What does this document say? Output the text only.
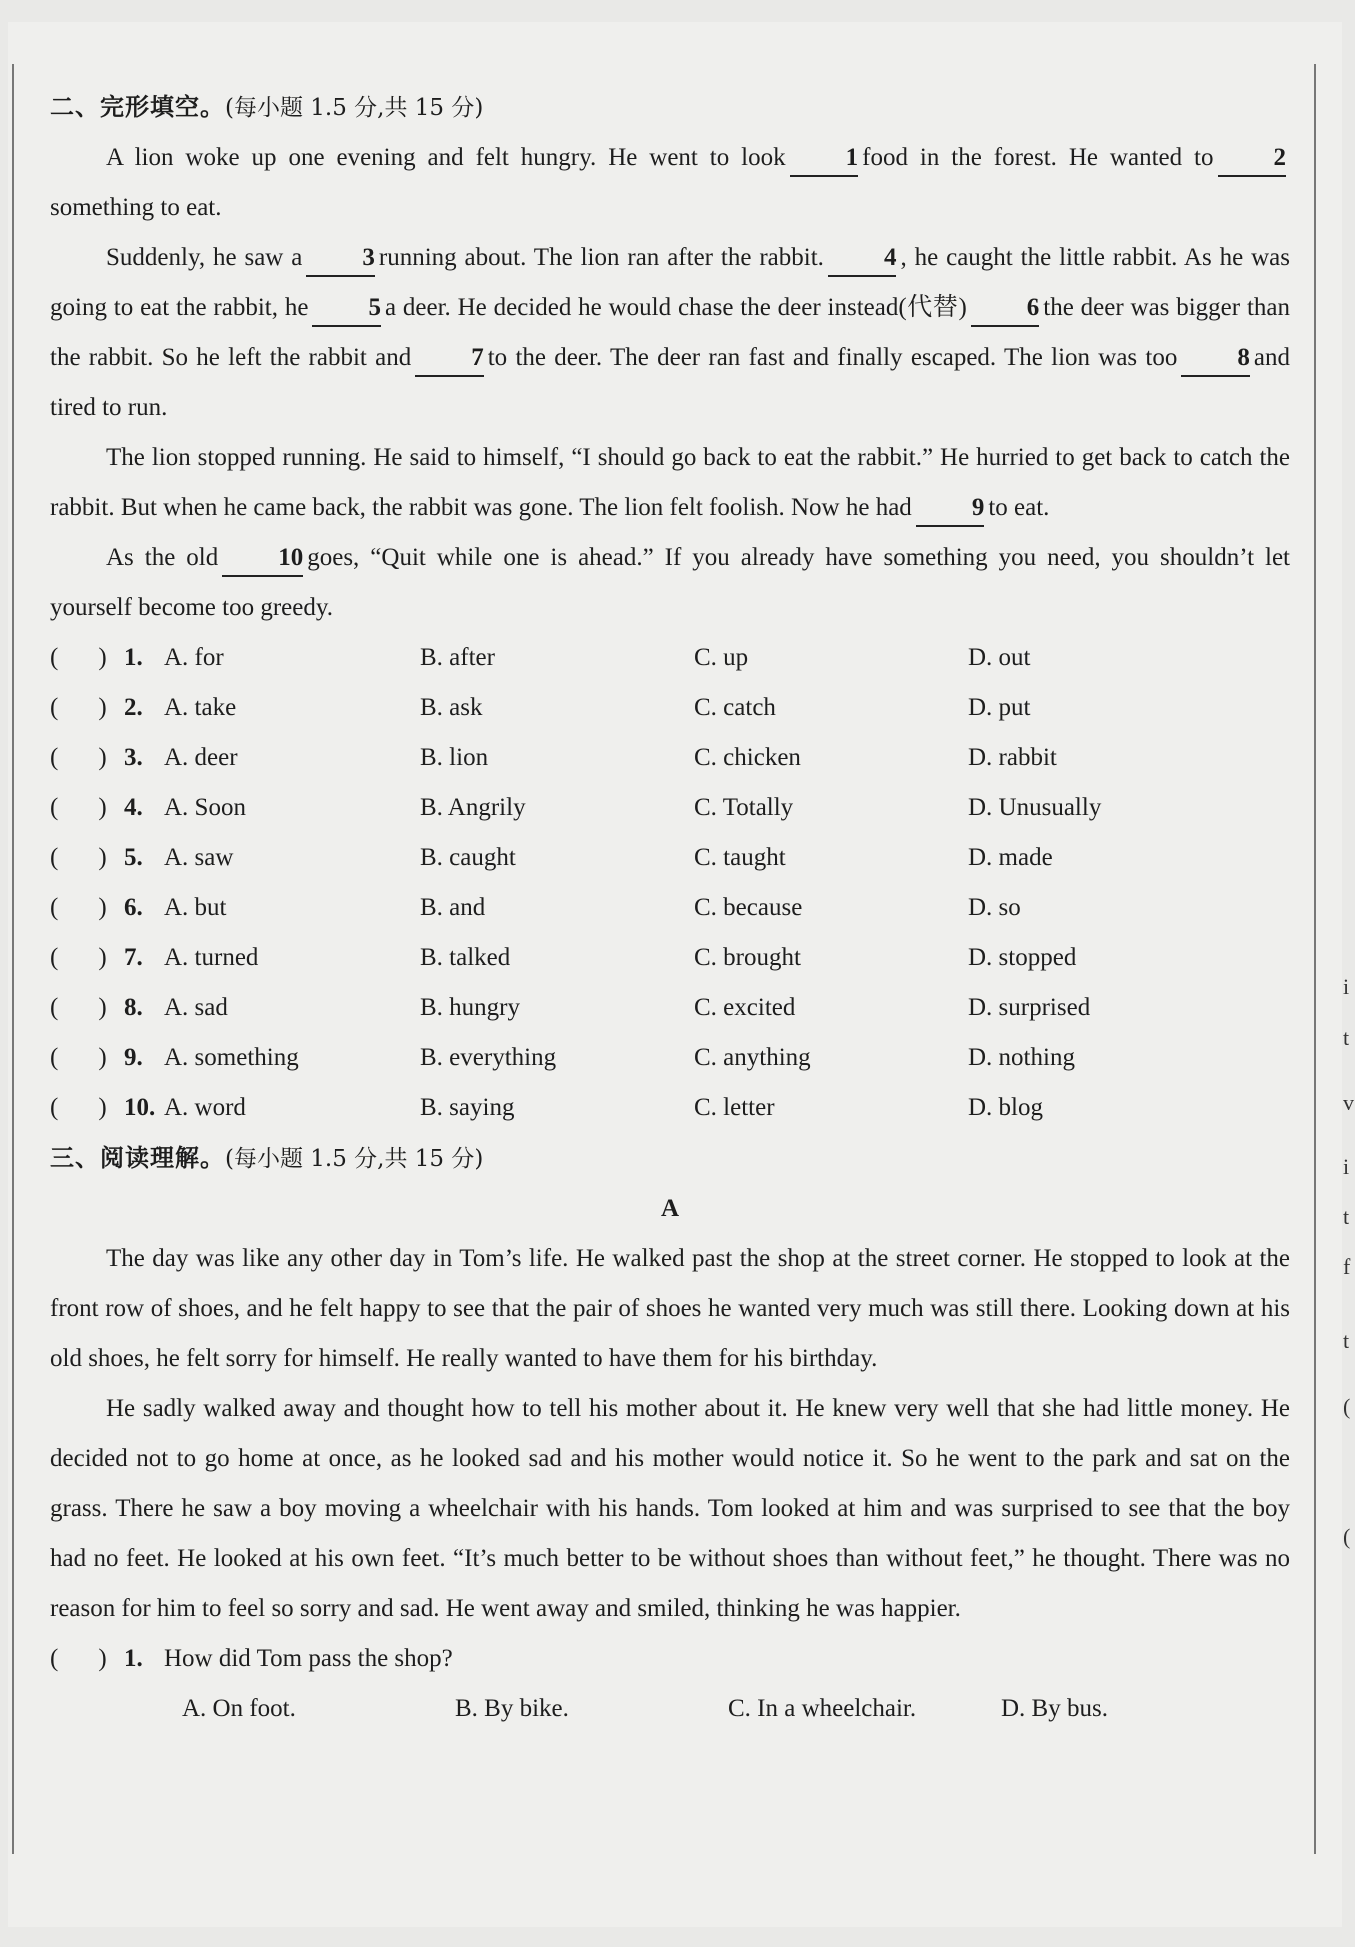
i
t
v
i
t
f
t
(
(
二、完形填空。(每小题 1.5 分,共 15 分)

A lion woke up one evening and felt hungry. He went to look 1 food in the forest. He wanted to 2something to eat.

Suddenly, he saw a 3 running about. The lion ran after the rabbit. 4 , he caught the little rabbit. As he was going to eat the rabbit, he 5 a deer. He decided he would chase the deer instead(代替) 6 the deer was bigger than the rabbit. So he left the rabbit and 7 to the deer. The deer ran fast and finally escaped. The lion was too 8 and tired to run.

The lion stopped running. He said to himself, “I should go back to eat the rabbit.” He hurried to get back to catch the rabbit. But when he came back, the rabbit was gone. The lion felt foolish. Now he had 9 to eat.

As the old 10 goes, “Quit while one is ahead.” If you already have something you need, you shouldn’t let yourself become too greedy.

( ) 1. A. for	B. after	C. up	D. out
( ) 2. A. take	B. ask	C. catch	D. put
( ) 3. A. deer	B. lion	C. chicken	D. rabbit
( ) 4. A. Soon	B. Angrily	C. Totally	D. Unusually
( ) 5. A. saw	B. caught	C. taught	D. made
( ) 6. A. but	B. and	C. because	D. so
( ) 7. A. turned	B. talked	C. brought	D. stopped
( ) 8. A. sad	B. hungry	C. excited	D. surprised
( ) 9. A. something	B. everything	C. anything	D. nothing
( ) 10. A. word	B. saying	C. letter	D. blog
三、阅读理解。(每小题 1.5 分,共 15 分)
A

The day was like any other day in Tom’s life. He walked past the shop at the street corner. He stopped to look at the front row of shoes, and he felt happy to see that the pair of shoes he wanted very much was still there. Looking down at his old shoes, he felt sorry for himself. He really wanted to have them for his birthday.

He sadly walked away and thought how to tell his mother about it. He knew very well that she had little money. He decided not to go home at once, as he looked sad and his mother would notice it. So he went to the park and sat on the grass. There he saw a boy moving a wheelchair with his hands. Tom looked at him and was surprised to see that the boy had no feet. He looked at his own feet. “It’s much better to be without shoes than without feet,” he thought. There was no reason for him to feel so sorry and sad. He went away and smiled, thinking he was happier.

( ) 1. How did Tom pass the shop?
A. On foot.	B. By bike.	C. In a wheelchair.	D. By bus.
